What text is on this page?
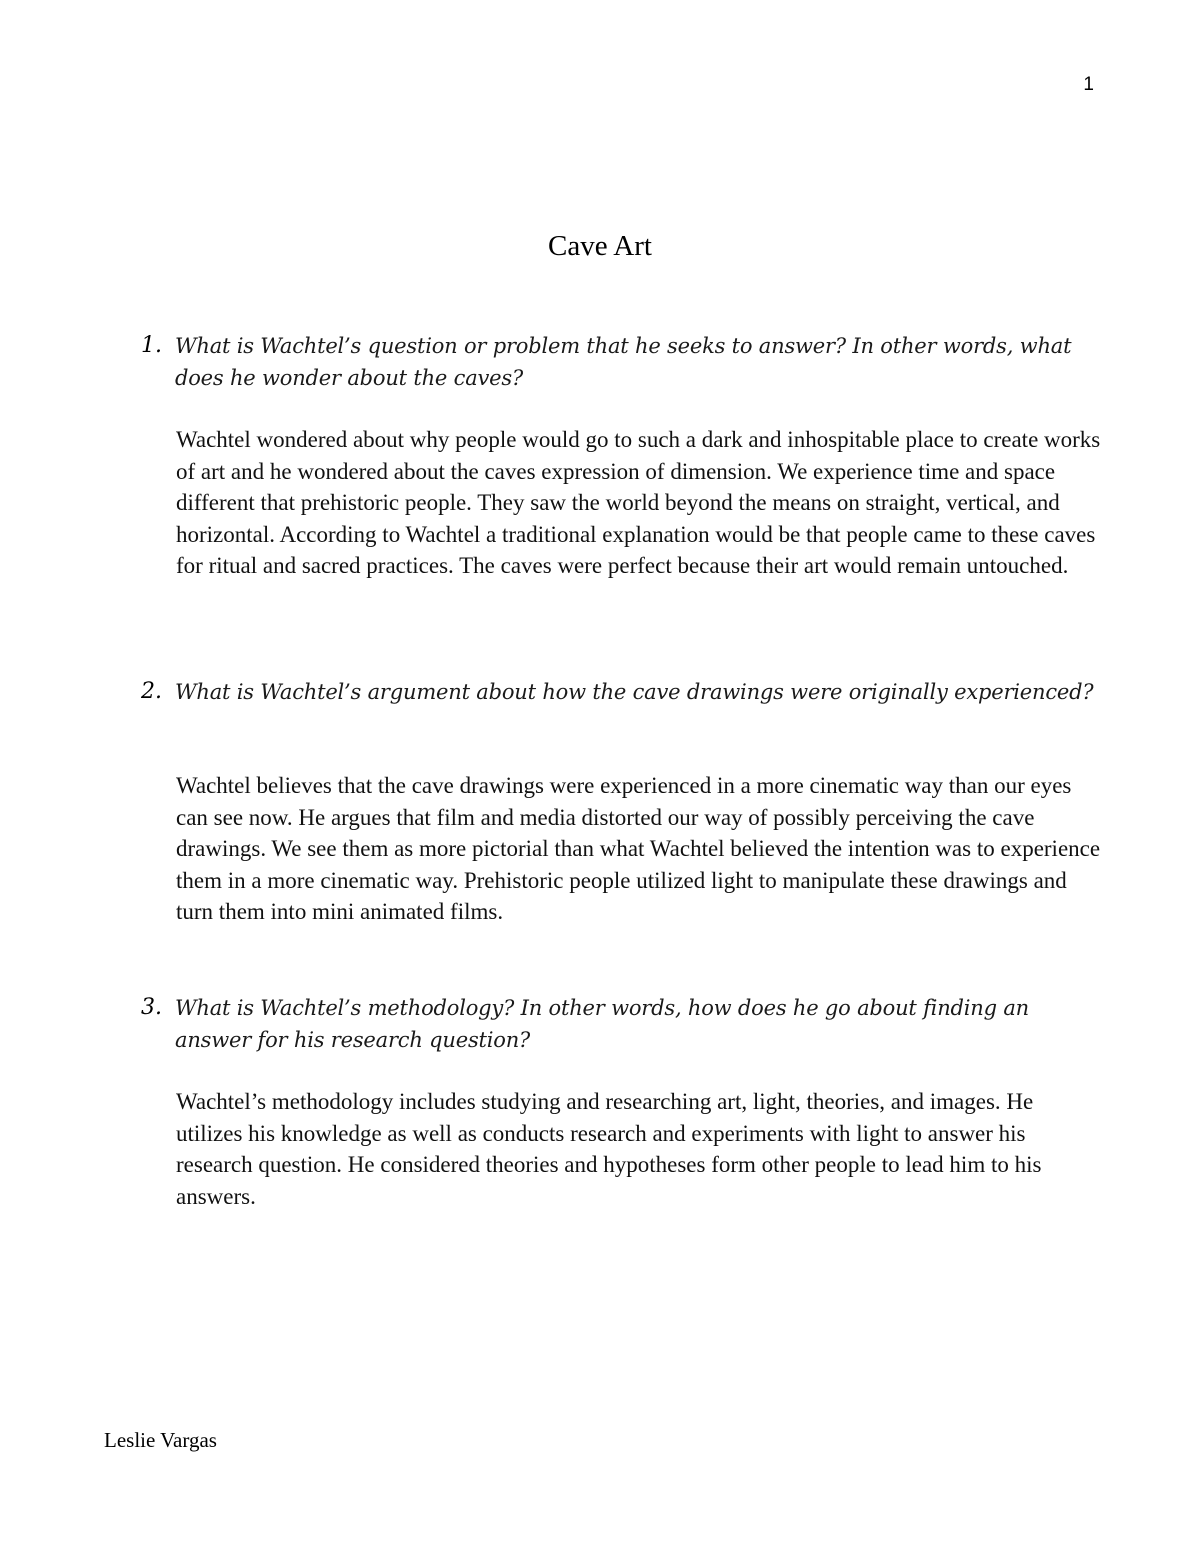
1
Cave Art
1. What is Wachtel’s question or problem that he seeks to answer? In other words, what does he wonder about the caves?
Wachtel wondered about why people would go to such a dark and inhospitable place to create works of art and he wondered about the caves expression of dimension. We experience time and space different that prehistoric people. They saw the world beyond the means on straight, vertical, and horizontal. According to Wachtel a traditional explanation would be that people came to these caves for ritual and sacred practices. The caves were perfect because their art would remain untouched.
2. What is Wachtel’s argument about how the cave drawings were originally experienced?
Wachtel believes that the cave drawings were experienced in a more cinematic way than our eyes can see now. He argues that film and media distorted our way of possibly perceiving the cave drawings. We see them as more pictorial than what Wachtel believed the intention was to experience them in a more cinematic way. Prehistoric people utilized light to manipulate these drawings and turn them into mini animated films.
3. What is Wachtel’s methodology? In other words, how does he go about finding an answer for his research question?
Wachtel’s methodology includes studying and researching art, light, theories, and images. He utilizes his knowledge as well as conducts research and experiments with light to answer his research question. He considered theories and hypotheses form other people to lead him to his answers.
Leslie Vargas
